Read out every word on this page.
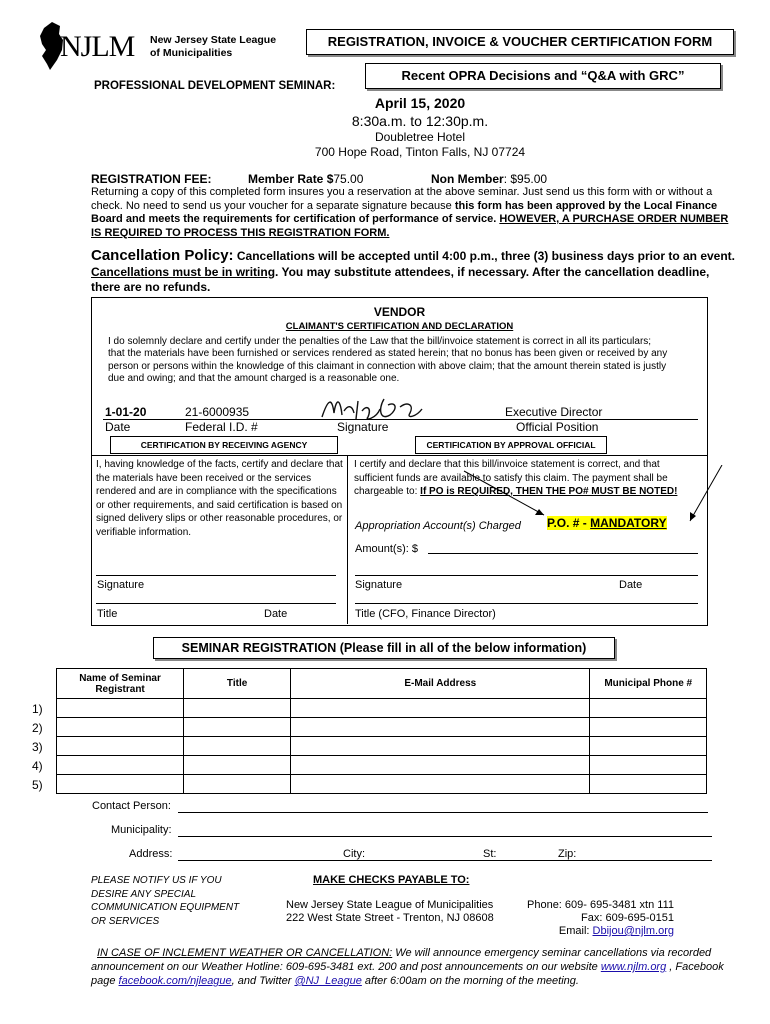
NJLM New Jersey State League
of Municipalities
REGISTRATION, INVOICE & VOUCHER CERTIFICATION FORM
Recent OPRA Decisions and “Q&A with GRC”
PROFESSIONAL DEVELOPMENT SEMINAR:
April 15, 2020
8:30a.m. to 12:30p.m.
Doubletree Hotel
700 Hope Road, Tinton Falls, NJ 07724
REGISTRATION FEE:	Member Rate $75.00	Non Member: $95.00
Returning a copy of this completed form insures you a reservation at the above seminar. Just send us this form with or without a check. No need to send us your voucher for a separate signature because this form has been approved by the Local Finance Board and meets the requirements for certification of performance of service. HOWEVER, A PURCHASE ORDER NUMBER IS REQUIRED TO PROCESS THIS REGISTRATION FORM.
Cancellation Policy: Cancellations will be accepted until 4:00 p.m., three (3) business days prior to an event. Cancellations must be in writing. You may substitute attendees, if necessary. After the cancellation deadline, there are no refunds.
VENDOR
CLAIMANT'S CERTIFICATION AND DECLARATION
I do solemnly declare and certify under the penalties of the Law that the bill/invoice statement is correct in all its particulars; that the materials have been furnished or services rendered as stated herein; that no bonus has been given or received by any person or persons within the knowledge of this claimant in connection with above claim; that the amount therein stated is justly due and owing; and that the amount charged is a reasonable one.
1-01-20	21-6000935	Executive Director
Date	Federal I.D. #	Signature	Official Position
CERTIFICATION BY RECEIVING AGENCY	CERTIFICATION BY APPROVAL OFFICIAL
I, having knowledge of the facts, certify and declare that the materials have been received or the services rendered and are in compliance with the specifications or other requirements, and said certification is based on signed delivery slips or other reasonable procedures, or verifiable information.
I certify and declare that this bill/invoice statement is correct, and that sufficient funds are available to satisfy this claim. The payment shall be chargeable to: If PO is REQUIRED, THEN THE PO# MUST BE NOTED!
Appropriation Account(s) Charged P.O. # - MANDATORY
Amount(s): $
Signature	Signature	Date
Title	Date	Title (CFO, Finance Director)
SEMINAR REGISTRATION (Please fill in all of the below information)
Name of Seminar Registrant	Title	E-Mail Address	Municipal Phone #

1)
2)
3)
4)
5)
Contact Person:
Municipality:
Address:	City:	St:	Zip:
PLEASE NOTIFY US IF YOU DESIRE ANY SPECIAL COMMUNICATION EQUIPMENT OR SERVICES
MAKE CHECKS PAYABLE TO:
New Jersey State League of Municipalities
222 West State Street - Trenton, NJ 08608
Phone: 609- 695-3481 xtn 111
Fax: 609-695-0151
Email: Dbijou@njlm.org
IN CASE OF INCLEMENT WEATHER OR CANCELLATION: We will announce emergency seminar cancellations via recorded announcement on our Weather Hotline: 609-695-3481 ext. 200 and post announcements on our website www.njlm.org , Facebook page facebook.com/njleague, and Twitter @NJ_League after 6:00am on the morning of the meeting.
